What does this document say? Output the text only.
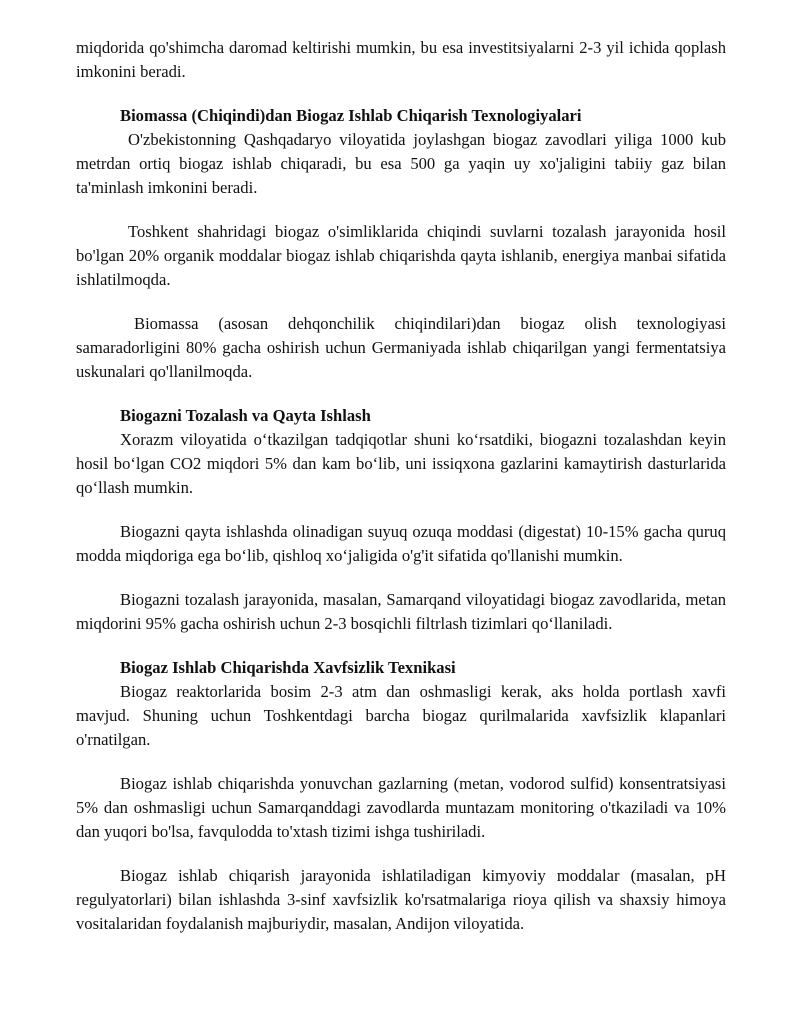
miqdorida qo'shimcha daromad keltirishi mumkin, bu esa investitsiyalarni 2-3 yil ichida qoplash imkonini beradi.

Biomassa (Chiqindi)dan Biogaz Ishlab Chiqarish Texnologiyalari

O'zbekistonning Qashqadaryo viloyatida joylashgan biogaz zavodlari yiliga 1000 kub metrdan ortiq biogaz ishlab chiqaradi, bu esa 500 ga yaqin uy xo'jaligini tabiiy gaz bilan ta'minlash imkonini beradi.

Toshkent shahridagi biogaz o'simliklarida chiqindi suvlarni tozalash jarayonida hosil bo'lgan 20% organik moddalar biogaz ishlab chiqarishda qayta ishlanib, energiya manbai sifatida ishlatilmoqda.

Biomassa (asosan dehqonchilik chiqindilari)dan biogaz olish texnologiyasi samaradorligini 80% gacha oshirish uchun Germaniyada ishlab chiqarilgan yangi fermentatsiya uskunalari qo'llanilmoqda.

Biogazni Tozalash va Qayta Ishlash

Xorazm viloyatida oʻtkazilgan tadqiqotlar shuni koʻrsatdiki, biogazni tozalashdan keyin hosil boʻlgan CO2 miqdori 5% dan kam boʻlib, uni issiqxona gazlarini kamaytirish dasturlarida qoʻllash mumkin.

Biogazni qayta ishlashda olinadigan suyuq ozuqa moddasi (digestat) 10-15% gacha quruq modda miqdoriga ega boʻlib, qishloq xoʻjaligida o'g'it sifatida qo'llanishi mumkin.

Biogazni tozalash jarayonida, masalan, Samarqand viloyatidagi biogaz zavodlarida, metan miqdorini 95% gacha oshirish uchun 2-3 bosqichli filtrlash tizimlari qoʻllaniladi.

Biogaz Ishlab Chiqarishda Xavfsizlik Texnikasi

Biogaz reaktorlarida bosim 2-3 atm dan oshmasligi kerak, aks holda portlash xavfi mavjud. Shuning uchun Toshkentdagi barcha biogaz qurilmalarida xavfsizlik klapanlari o'rnatilgan.

Biogaz ishlab chiqarishda yonuvchan gazlarning (metan, vodorod sulfid) konsentratsiyasi 5% dan oshmasligi uchun Samarqanddagi zavodlarda muntazam monitoring o'tkaziladi va 10% dan yuqori bo'lsa, favqulodda to'xtash tizimi ishga tushiriladi.

Biogaz ishlab chiqarish jarayonida ishlatiladigan kimyoviy moddalar (masalan, pH regulyatorlari) bilan ishlashda 3-sinf xavfsizlik ko'rsatmalariga rioya qilish va shaxsiy himoya vositalaridan foydalanish majburiydir, masalan, Andijon viloyatida.
